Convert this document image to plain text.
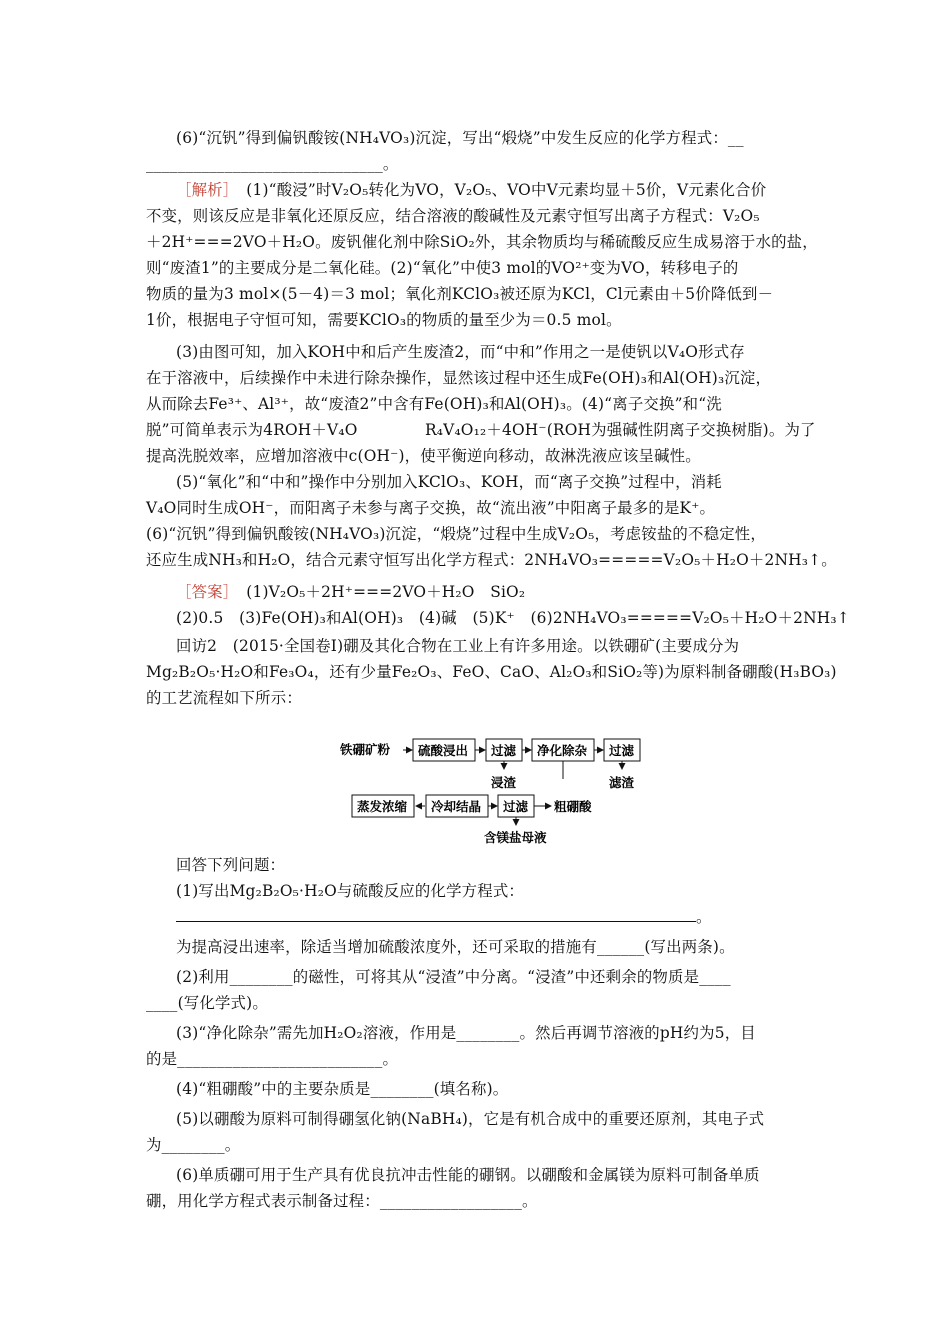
(6)“沉钒”得到偏钒酸铵(NH₄VO₃)沉淀，写出“煅烧”中发生反应的化学方程式：__
______________________________。
［解析］　(1)“酸浸”时V₂O₅转化为VO，V₂O₅、VO中V元素均显＋5价，V元素化合价
不变，则该反应是非氧化还原反应，结合溶液的酸碱性及元素守恒写出离子方程式：V₂O₅
＋2H⁺===2VO＋H₂O。废钒催化剂中除SiO₂外，其余物质均与稀硫酸反应生成易溶于水的盐，
则“废渣1”的主要成分是二氧化硅。(2)“氧化”中使3 mol的VO²⁺变为VO，转移电子的
物质的量为3 mol×(5－4)＝3 mol；氧化剂KClO₃被还原为KCl，Cl元素由＋5价降低到－
1价，根据电子守恒可知，需要KClO₃的物质的量至少为＝0.5 mol。
(3)由图可知，加入KOH中和后产生废渣2，而“中和”作用之一是使钒以V₄O形式存
在于溶液中，后续操作中未进行除杂操作，显然该过程中还生成Fe(OH)₃和Al(OH)₃沉淀，
从而除去Fe³⁺、Al³⁺，故“废渣2”中含有Fe(OH)₃和Al(OH)₃。(4)“离子交换”和“洗
脱”可简单表示为4ROH＋V₄O　　　　 R₄V₄O₁₂＋4OH⁻(ROH为强碱性阴离子交换树脂)。为了
提高洗脱效率，应增加溶液中c(OH⁻)，使平衡逆向移动，故淋洗液应该呈碱性。
(5)“氧化”和“中和”操作中分别加入KClO₃、KOH，而“离子交换”过程中，消耗
V₄O同时生成OH⁻，而阳离子未参与离子交换，故“流出液”中阳离子最多的是K⁺。
(6)“沉钒”得到偏钒酸铵(NH₄VO₃)沉淀，“煅烧”过程中生成V₂O₅，考虑铵盐的不稳定性，
还应生成NH₃和H₂O，结合元素守恒写出化学方程式：2NH₄VO₃=====V₂O₅＋H₂O＋2NH₃↑。
［答案］　(1)V₂O₅＋2H⁺===2VO＋H₂O　SiO₂
(2)0.5　(3)Fe(OH)₃和Al(OH)₃　(4)碱　(5)K⁺　(6)2NH₄VO₃=====V₂O₅＋H₂O＋2NH₃↑
回访2　(2015·全国卷Ⅰ)硼及其化合物在工业上有许多用途。以铁硼矿(主要成分为
Mg₂B₂O₅·H₂O和Fe₃O₄，还有少量Fe₂O₃、FeO、CaO、Al₂O₃和SiO₂等)为原料制备硼酸(H₃BO₃)
的工艺流程如下所示：
铁硼矿粉 硫酸浸出 过滤 净化除杂 过滤
浸渣	滤渣
蒸发浓缩 冷却结晶 过滤 粗硼酸
含镁盐母液
回答下列问题：
(1)写出Mg₂B₂O₅·H₂O与硫酸反应的化学方程式：
。
为提高浸出速率，除适当增加硫酸浓度外，还可采取的措施有______(写出两条)。
(2)利用________的磁性，可将其从“浸渣”中分离。“浸渣”中还剩余的物质是____
____(写化学式)。
(3)“净化除杂”需先加H₂O₂溶液，作用是________。然后再调节溶液的pH约为5，目
的是__________________________。
(4)“粗硼酸”中的主要杂质是________(填名称)。
(5)以硼酸为原料可制得硼氢化钠(NaBH₄)，它是有机合成中的重要还原剂，其电子式
为________。
(6)单质硼可用于生产具有优良抗冲击性能的硼钢。以硼酸和金属镁为原料可制备单质
硼，用化学方程式表示制备过程：__________________。
